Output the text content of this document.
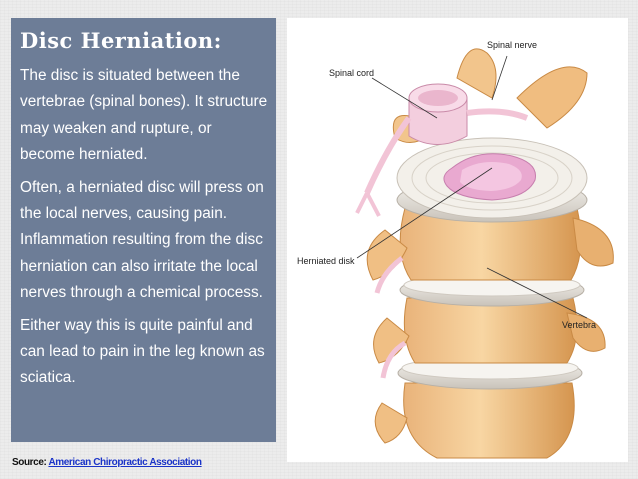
Disc Herniation:

The disc is situated between the vertebrae (spinal bones). It structure may weaken and rupture, or become herniated.

Often, a herniated disc will press on the local nerves, causing pain. Inflammation resulting from the disc herniation can also irritate the local nerves through a chemical process.

Either way this is quite painful and can lead to pain in the leg known as sciatica.

Source: American Chiropractic Association
Spinal nerve
Spinal cord
Herniated disk
Vertebra
